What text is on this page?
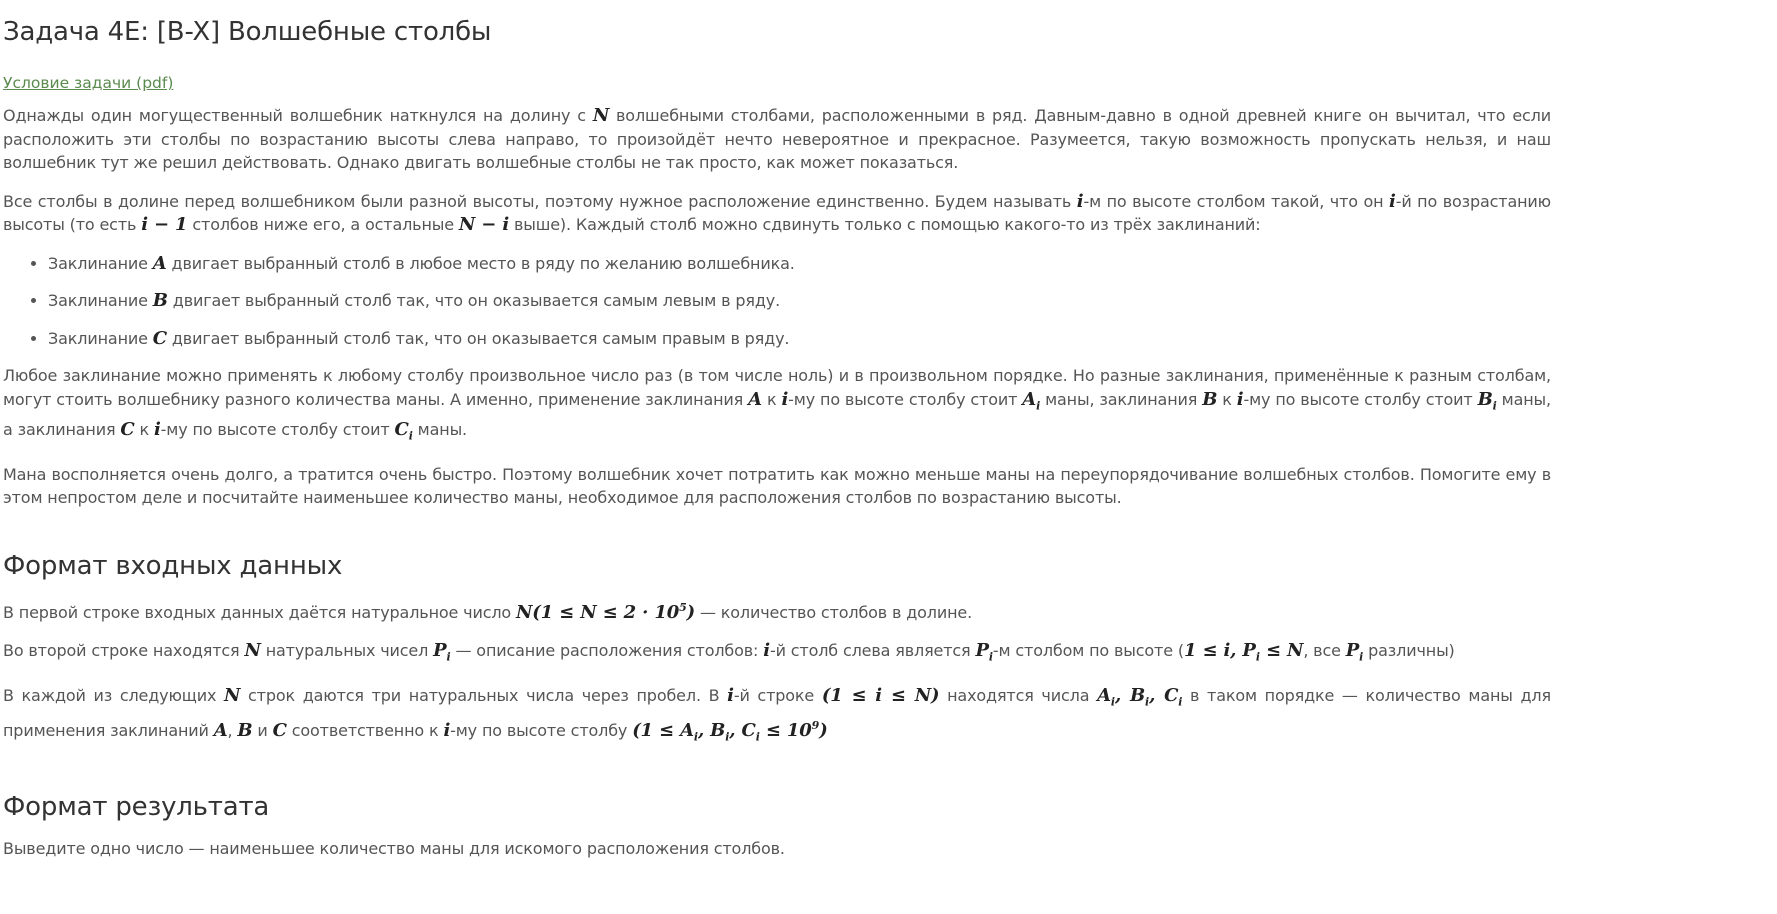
Задача 4E: [B-X] Волшебные столбы
Условие задачи (pdf)

Однажды один могущественный волшебник наткнулся на долину с N волшебными столбами, расположенными в ряд. Давным-давно в одной древней книге он вычитал, что если расположить эти столбы по возрастанию высоты слева направо, то произойдёт нечто невероятное и прекрасное. Разумеется, такую возможность пропускать нельзя, и наш волшебник тут же решил действовать. Однако двигать волшебные столбы не так просто, как может показаться.

Все столбы в долине перед волшебником были разной высоты, поэтому нужное расположение единственно. Будем называть i-м по высоте столбом такой, что он i-й по возрастанию высоты (то есть i − 1 столбов ниже его, а остальные N − i выше). Каждый столб можно сдвинуть только с помощью какого-то из трёх заклинаний:

• Заклинание A двигает выбранный столб в любое место в ряду по желанию волшебника.
• Заклинание B двигает выбранный столб так, что он оказывается самым левым в ряду.
• Заклинание C двигает выбранный столб так, что он оказывается самым правым в ряду.

Любое заклинание можно применять к любому столбу произвольное число раз (в том числе ноль) и в произвольном порядке. Но разные заклинания, применённые к разным столбам, могут стоить волшебнику разного количества маны. А именно, применение заклинания A к i-му по высоте столбу стоит $A_i$ маны, заклинания B к i-му по высоте столбу стоит $B_i$ маны, а заклинания C к i-му по высоте столбу стоит $C_i$ маны.

Мана восполняется очень долго, а тратится очень быстро. Поэтому волшебник хочет потратить как можно меньше маны на переупорядочивание волшебных столбов. Помогите ему в этом непростом деле и посчитайте наименьшее количество маны, необходимое для расположения столбов по возрастанию высоты.

Формат входных данных

В первой строке входных данных даётся натуральное число $N(1 \le N \le 2 \cdot 10^5)$ — количество столбов в долине.

Во второй строке находятся N натуральных чисел $P_i$ — описание расположения столбов: i-й столб слева является $P_i-м$ столбом по высоте (1 ≤ i, $P_i \le N$, все $P_i$ различны)

В каждой из следующих N строк даются три натуральных числа через пробел. В i-й строке (1 ≤ i ≤ N) находятся числа $A_i$, $B_i$, $C_i$ в таком порядке — количество маны для применения заклинаний A, B и C соответственно к i-му по высоте столбу ($1 \le A_i$, $B_i$, $C_i \le 10^9$)

Формат результата

Выведите одно число — наименьшее количество маны для искомого расположения столбов.
